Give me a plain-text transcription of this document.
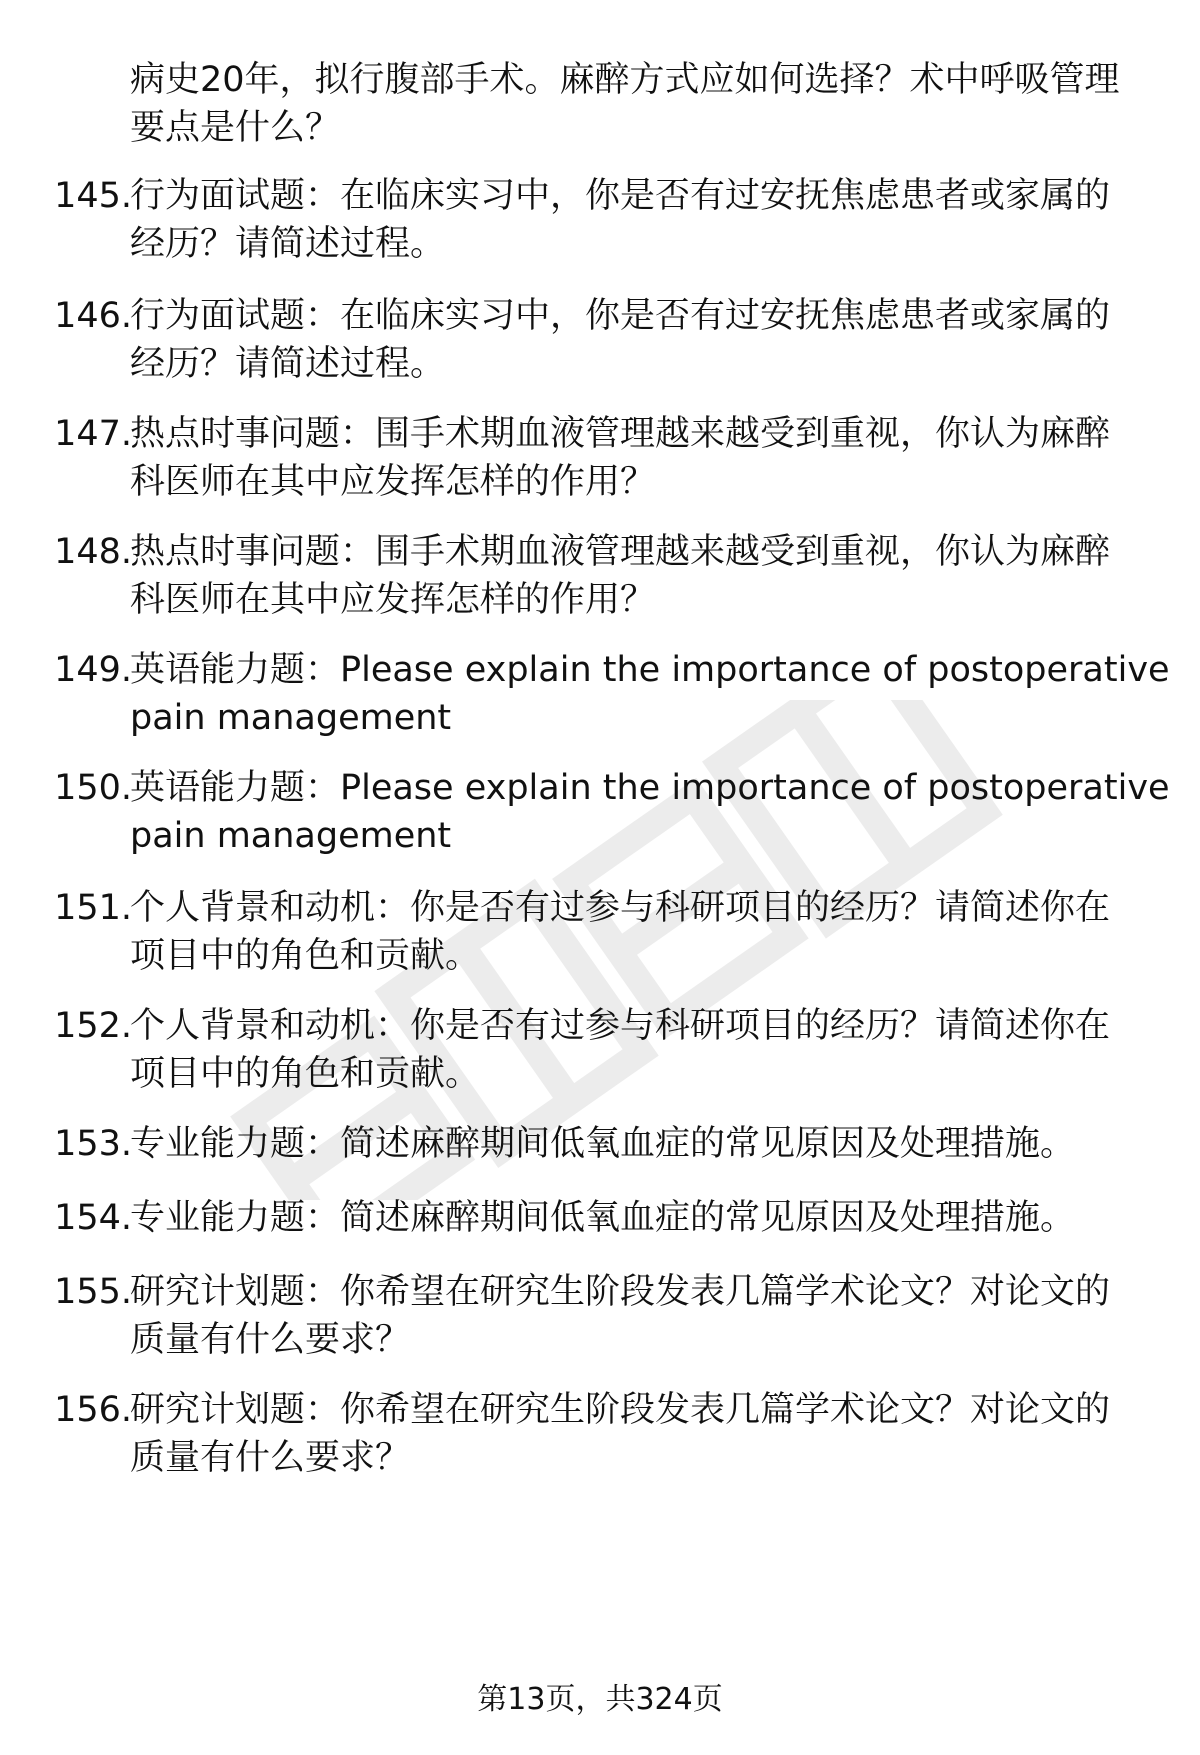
病史20年，拟行腹部手术。麻醉方式应如何选择？术中呼吸管理
要点是什么？
145.
行为面试题：在临床实习中，你是否有过安抚焦虑患者或家属的
经历？请简述过程。
146.
行为面试题：在临床实习中，你是否有过安抚焦虑患者或家属的
经历？请简述过程。
147.
热点时事问题：围手术期血液管理越来越受到重视，你认为麻醉
科医师在其中应发挥怎样的作用？
148.
热点时事问题：围手术期血液管理越来越受到重视，你认为麻醉
科医师在其中应发挥怎样的作用？
149.
英语能力题：Please explain the importance of postoperative
pain management
150.
英语能力题：Please explain the importance of postoperative
pain management
151.
个人背景和动机：你是否有过参与科研项目的经历？请简述你在
项目中的角色和贡献。
152.
个人背景和动机：你是否有过参与科研项目的经历？请简述你在
项目中的角色和贡献。
153.
专业能力题：简述麻醉期间低氧血症的常见原因及处理措施。
154.
专业能力题：简述麻醉期间低氧血症的常见原因及处理措施。
155.
研究计划题：你希望在研究生阶段发表几篇学术论文？对论文的
质量有什么要求？
156.
研究计划题：你希望在研究生阶段发表几篇学术论文？对论文的
质量有什么要求？
第13页，共324页
